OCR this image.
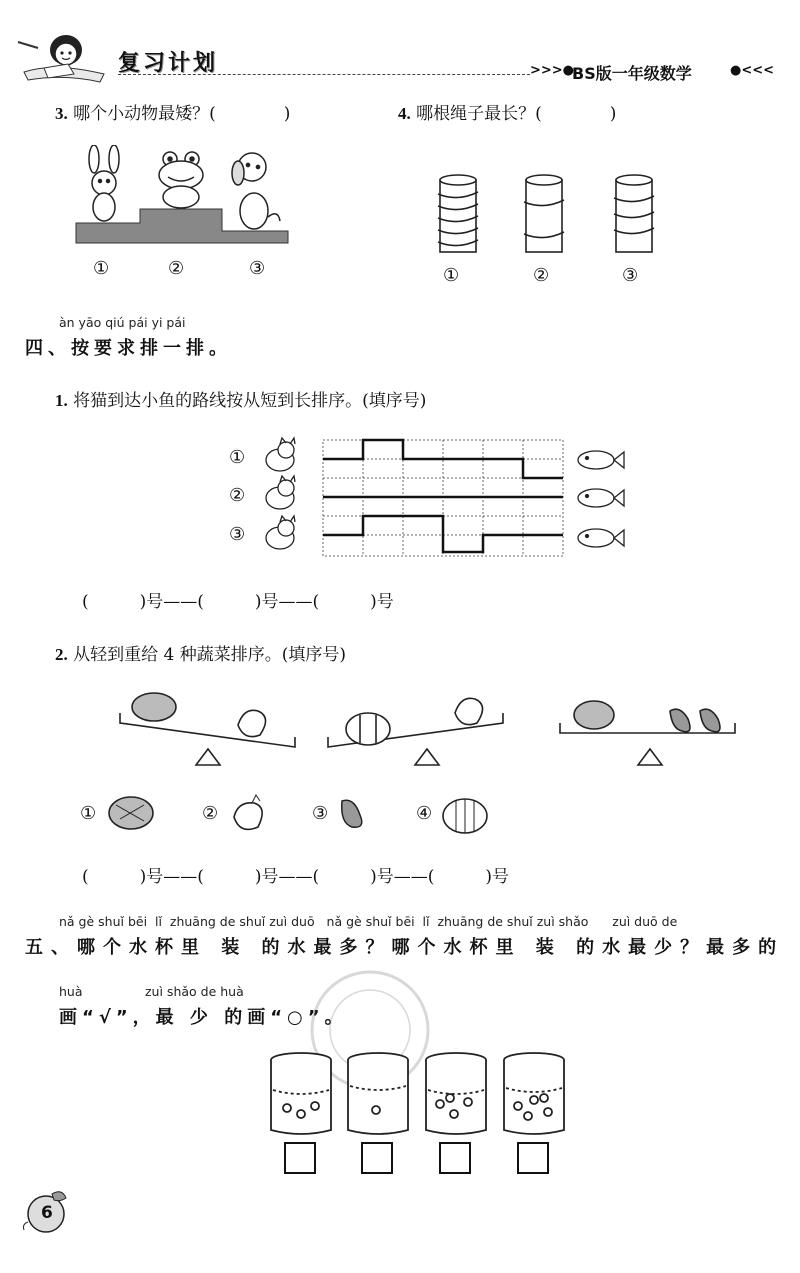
复习计划	>>>●
BS版一年级数学	●<<<
3. 哪个小动物最矮？(　　　　)
①	②	③
4. 哪根绳子最长？(　　　　)
①	②	③
àn yāo qiú pái yi pái
四、按要求排一排。
1. 将猫到达小鱼的路线按从短到长排序。(填序号)
①
②
③
(　　　)号——(　　　)号——(　　　)号
2. 从轻到重给 4 种蔬菜排序。(填序号)
①	②	③	④
(　　　)号——(　　　)号——(　　　)号——(　　　)号
nǎ gè shuǐ bēi  lǐ  zhuāng de shuǐ zuì duō   nǎ gè shuǐ bēi  lǐ  zhuāng de shuǐ zuì shǎo      zuì duō de
五、哪个水杯里 装 的水最多？哪个水杯里 装 的水最少？最多的
huà	zuì shǎo de huà
画“√”，最 少 的画“○”。
6
